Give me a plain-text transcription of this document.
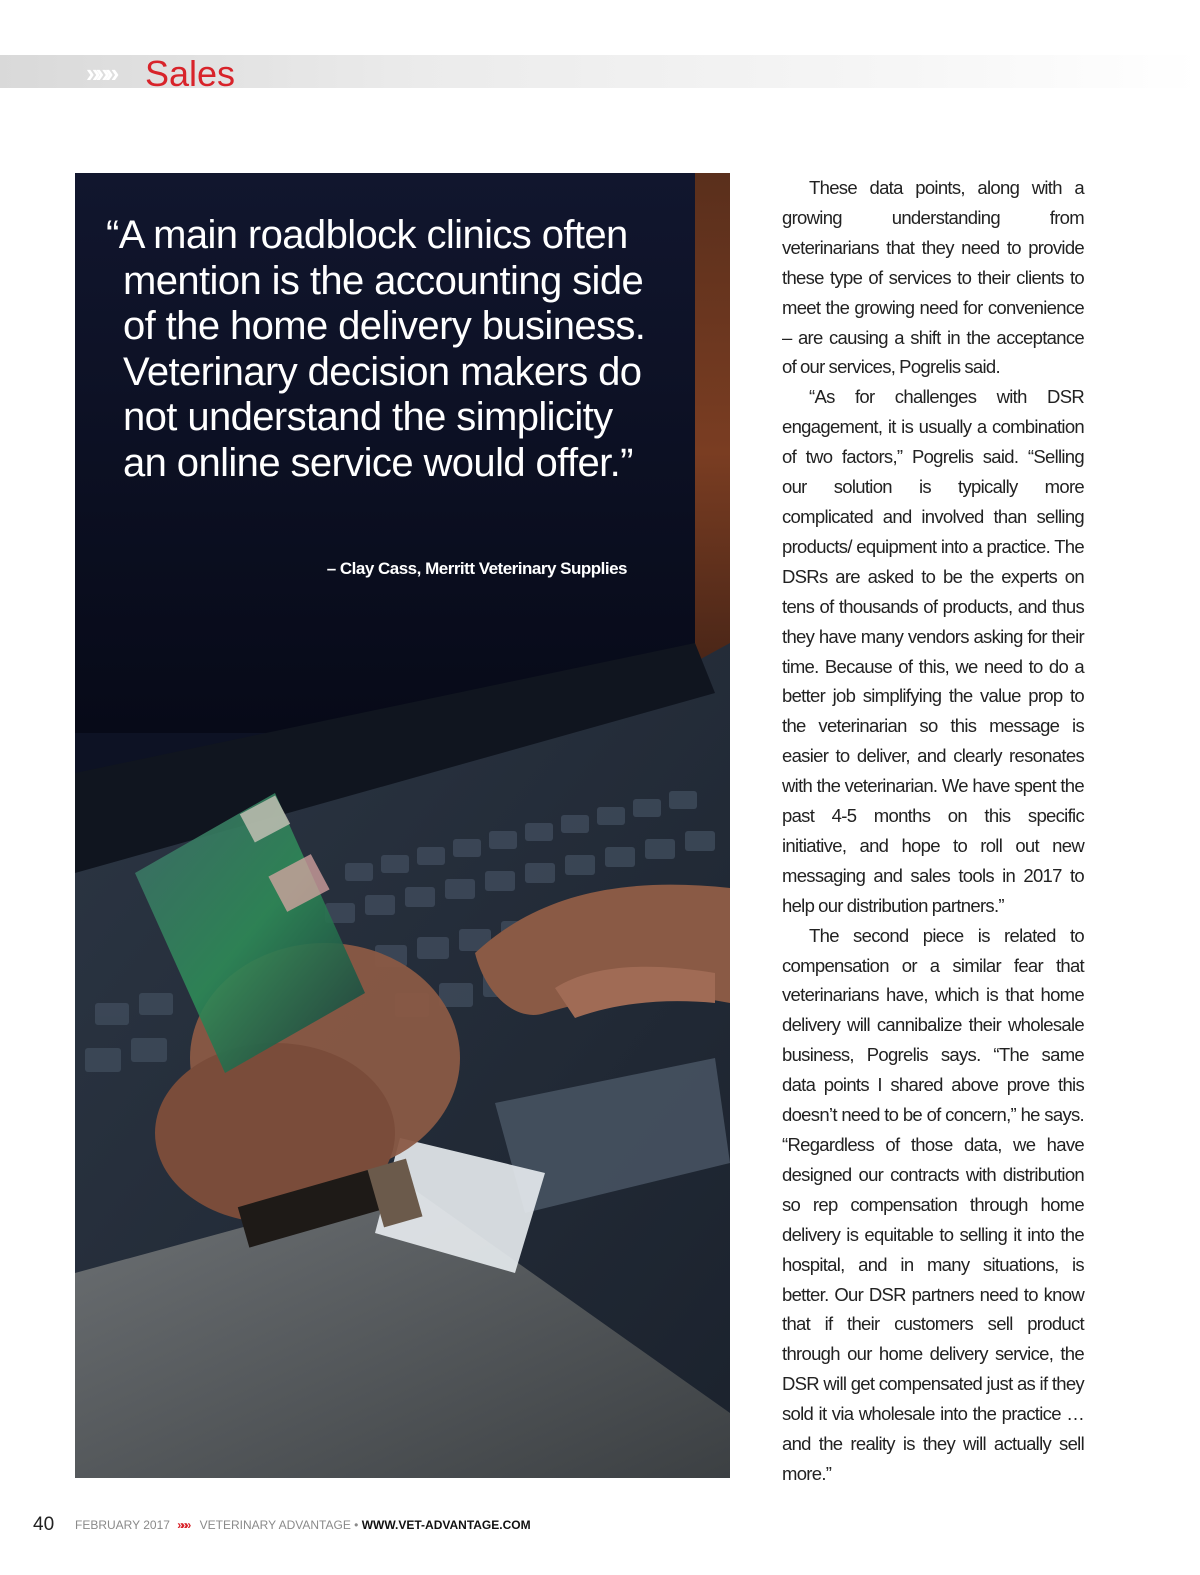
»»» Sales
“A main roadblock clinics often mention is the accounting side of the home delivery business. Veterinary decision makers do not understand the simplicity an online service would offer.”
– Clay Cass, Merritt Veterinary Supplies

These data points, along with a growing understanding from veterinarians that they need to provide these type of services to their clients to meet the growing need for convenience – are causing a shift in the acceptance of our services, Pogrelis said.

“As for challenges with DSR engagement, it is usually a combination of two factors,” Pogrelis said. “Selling our solution is typically more complicated and involved than selling products/ equipment into a practice. The DSRs are asked to be the experts on tens of thousands of products, and thus they have many vendors asking for their time. Because of this, we need to do a better job simplifying the value prop to the veterinarian so this message is easier to deliver, and clearly resonates with the veterinarian. We have spent the past 4-5 months on this specific initiative, and hope to roll out new messaging and sales tools in 2017 to help our distribution partners.”

The second piece is related to compensation or a similar fear that veterinarians have, which is that home delivery will cannibalize their wholesale business, Pogrelis says. “The same data points I shared above prove this doesn’t need to be of concern,” he says. “Regardless of those data, we have designed our contracts with distribution so rep compensation through home delivery is equitable to selling it into the hospital, and in many situations, is better. Our DSR partners need to know that if their customers sell product through our home delivery service, the DSR will get compensated just as if they sold it via wholesale into the practice … and the reality is they will actually sell more.”

40 FEBRUARY 2017 »»» VETERINARY ADVANTAGE • WWW.VET-ADVANTAGE.COM
